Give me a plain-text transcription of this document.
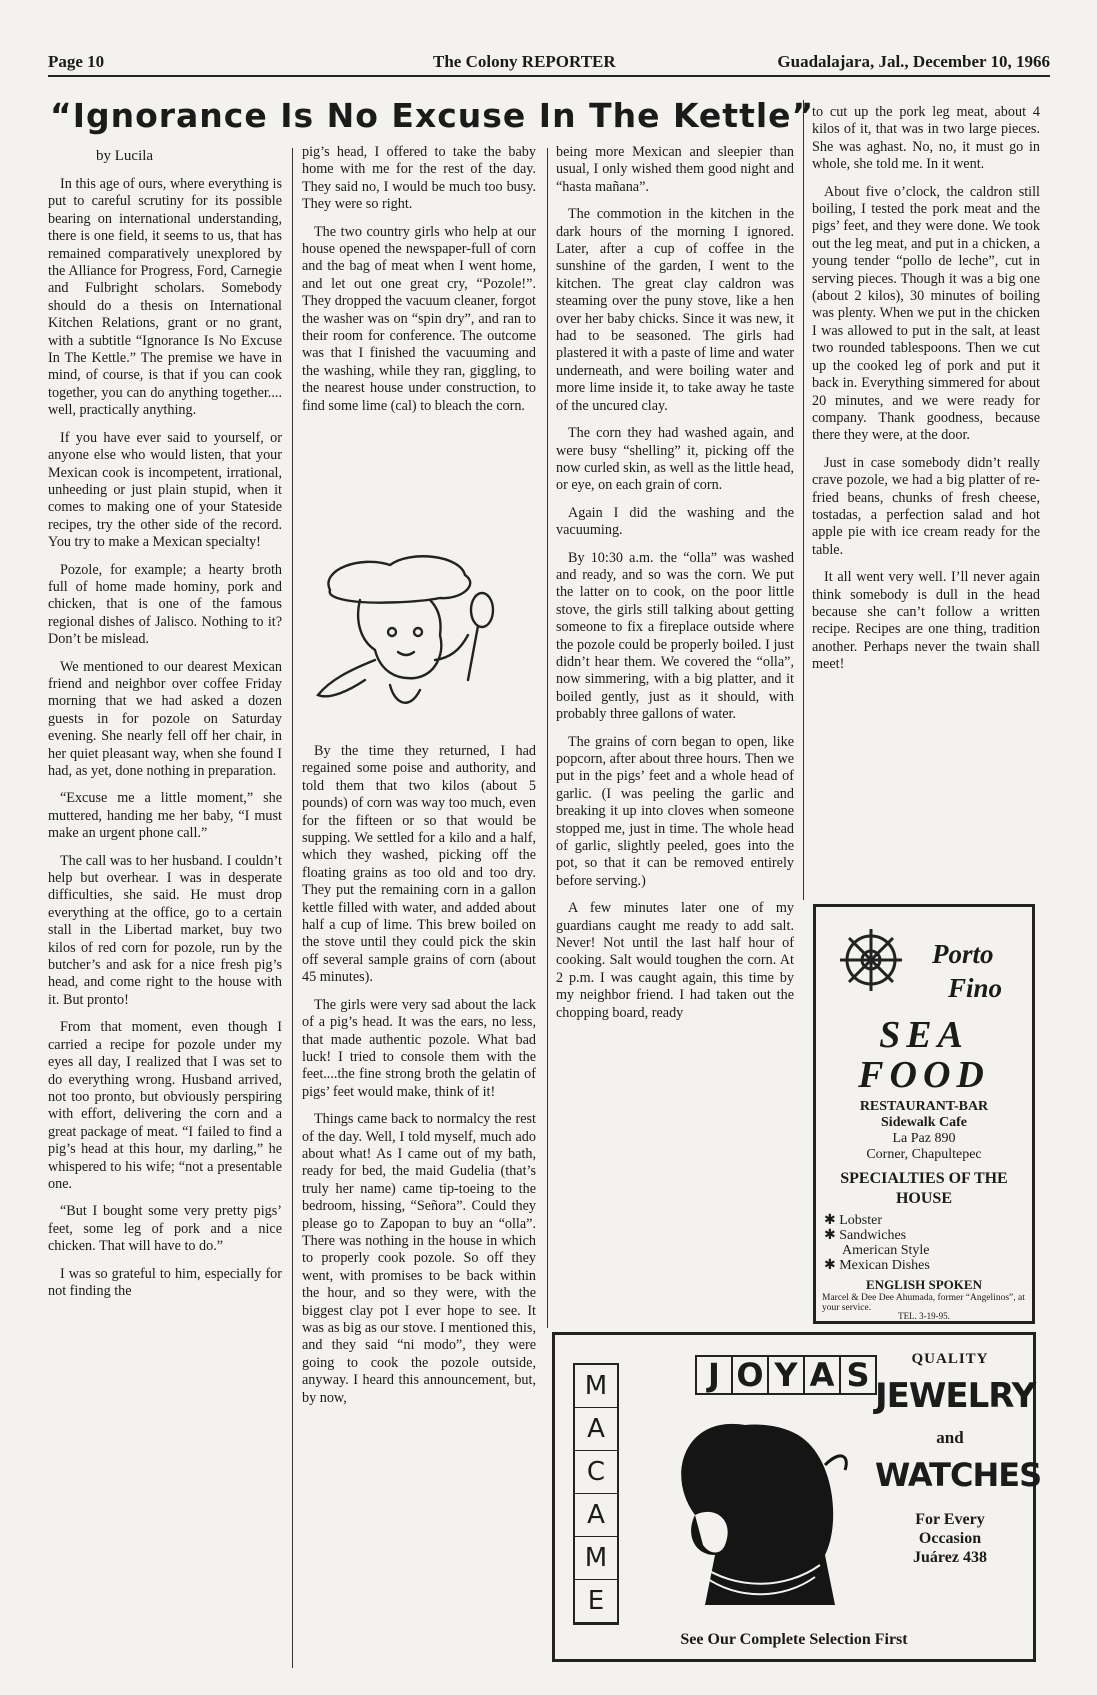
Page 10	The Colony REPORTER	Guadalajara, Jal., December 10, 1966
“Ignorance Is No Excuse In The Kettle”
by Lucila

In this age of ours, where everything is put to careful scrutiny for its possible bearing on international understanding, there is one field, it seems to us, that has remained comparatively unexplored by the Alliance for Progress, Ford, Carnegie and Fulbright scholars. Somebody should do a thesis on International Kitchen Relations, grant or no grant, with a subtitle “Ignorance Is No Excuse In The Kettle.” The premise we have in mind, of course, is that if you can cook together, you can do anything together.... well, practically anything.

If you have ever said to yourself, or anyone else who would listen, that your Mexican cook is incompetent, irrational, unheeding or just plain stupid, when it comes to making one of your Stateside recipes, try the other side of the record. You try to make a Mexican specialty!

Pozole, for example; a hearty broth full of home made hominy, pork and chicken, that is one of the famous regional dishes of Jalisco. Nothing to it? Don’t be mislead.

We mentioned to our dearest Mexican friend and neighbor over coffee Friday morning that we had asked a dozen guests in for pozole on Saturday evening. She nearly fell off her chair, in her quiet pleasant way, when she found I had, as yet, done nothing in preparation.

“Excuse me a little moment,” she muttered, handing me her baby, “I must make an urgent phone call.”

The call was to her husband. I couldn’t help but overhear. I was in desperate difficulties, she said. He must drop everything at the office, go to a certain stall in the Libertad market, buy two kilos of red corn for pozole, run by the butcher’s and ask for a nice fresh pig’s head, and come right to the house with it. But pronto!

From that moment, even though I carried a recipe for pozole under my eyes all day, I realized that I was set to do everything wrong. Husband arrived, not too pronto, but obviously perspiring with effort, delivering the corn and a great package of meat. “I failed to find a pig’s head at this hour, my darling,” he whispered to his wife; “not a presentable one.

“But I bought some very pretty pigs’ feet, some leg of pork and a nice chicken. That will have to do.”

I was so grateful to him, especially for not finding the

pig’s head, I offered to take the baby home with me for the rest of the day. They said no, I would be much too busy. They were so right.

The two country girls who help at our house opened the newspaper-full of corn and the bag of meat when I went home, and let out one great cry, “Pozole!”. They dropped the vacuum cleaner, forgot the washer was on “spin dry”, and ran to their room for conference. The outcome was that I finished the vacuuming and the washing, while they ran, giggling, to the nearest house under construction, to find some lime (cal) to bleach the corn.

By the time they returned, I had regained some poise and authority, and told them that two kilos (about 5 pounds) of corn was way too much, even for the fifteen or so that would be supping. We settled for a kilo and a half, which they washed, picking off the floating grains as too old and too dry. They put the remaining corn in a gallon kettle filled with water, and added about half a cup of lime. This brew boiled on the stove until they could pick the skin off several sample grains of corn (about 45 minutes).

The girls were very sad about the lack of a pig’s head. It was the ears, no less, that made authentic pozole. What bad luck! I tried to console them with the feet....the fine strong broth the gelatin of pigs’ feet would make, think of it!

Things came back to normalcy the rest of the day. Well, I told myself, much ado about what! As I came out of my bath, ready for bed, the maid Gudelia (that’s truly her name) came tip-toeing to the bedroom, hissing, “Señora”. Could they please go to Zapopan to buy an “olla”. There was nothing in the house in which to properly cook pozole. So off they went, with promises to be back within the hour, and so they were, with the biggest clay pot I ever hope to see. It was as big as our stove. I mentioned this, and they said “ni modo”, they were going to cook the pozole outside, anyway. I heard this announcement, but, by now,

being more Mexican and sleepier than usual, I only wished them good night and “hasta mañana”.

The commotion in the kitchen in the dark hours of the morning I ignored. Later, after a cup of coffee in the sunshine of the garden, I went to the kitchen. The great clay caldron was steaming over the puny stove, like a hen over her baby chicks. Since it was new, it had to be seasoned. The girls had plastered it with a paste of lime and water underneath, and were boiling water and more lime inside it, to take away he taste of the uncured clay.

The corn they had washed again, and were busy “shelling” it, picking off the now curled skin, as well as the little head, or eye, on each grain of corn.

Again I did the washing and the vacuuming.

By 10:30 a.m. the “olla” was washed and ready, and so was the corn. We put the latter on to cook, on the poor little stove, the girls still talking about getting someone to fix a fireplace outside where the pozole could be properly boiled. I just didn’t hear them. We covered the “olla”, now simmering, with a big platter, and it boiled gently, just as it should, with probably three gallons of water.

The grains of corn began to open, like popcorn, after about three hours. Then we put in the pigs’ feet and a whole head of garlic. (I was peeling the garlic and breaking it up into cloves when someone stopped me, just in time. The whole head of garlic, slightly peeled, goes into the pot, so that it can be removed entirely before serving.)

A few minutes later one of my guardians caught me ready to add salt. Never! Not until the last half hour of cooking. Salt would toughen the corn. At 2 p.m. I was caught again, this time by my neighbor friend. I had taken out the chopping board, ready

to cut up the pork leg meat, about 4 kilos of it, that was in two large pieces. She was aghast. No, no, it must go in whole, she told me. In it went.

About five o’clock, the caldron still boiling, I tested the pork meat and the pigs’ feet, and they were done. We took out the leg meat, and put in a chicken, a young tender “pollo de leche”, cut in serving pieces. Though it was a big one (about 2 kilos), 30 minutes of boiling was plenty. When we put in the chicken I was allowed to put in the salt, at least two rounded tablespoons. Then we cut up the cooked leg of pork and put it back in. Everything simmered for about 20 minutes, and we were ready for company. Thank goodness, because there they were, at the door.

Just in case somebody didn’t really crave pozole, we had a big platter of re-fried beans, chunks of fresh cheese, tostadas, a perfection salad and hot apple pie with ice cream ready for the table.

It all went very well. I’ll never again think somebody is dull in the head because she can’t follow a written recipe. Recipes are one thing, tradition another. Perhaps never the twain shall meet!

Porto
Fino
SEA
FOOD
RESTAURANT-BAR
Sidewalk Cafe
La Paz 890
Corner, Chapultepec
SPECIALTIES OF THE
HOUSE
✱ Lobster
✱ Sandwiches
American Style
✱ Mexican Dishes
ENGLISH SPOKEN
Marcel & Dee Dee Ahumada, former “Angelinos”, at your service.
TEL. 3-19-95.
M
A
C
A
M
E
J O Y A S	QUALITY
JEWELRY
and
WATCHES
For Every
Occasion
Juárez 438
See Our Complete Selection First
